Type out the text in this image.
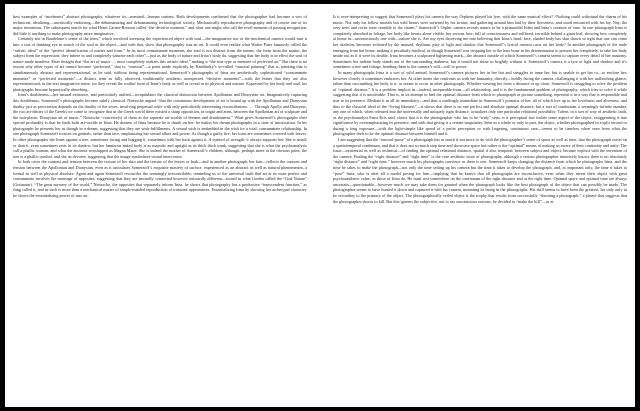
best examples of “modernist” abstract photography, whatever its—nominal—human content. Both developments confirmed that the photographer had become a sort of technocrat, idealizing—uncritically endorsing—the dehumanizing and dehumanizing technological society. Mechanically reproductive photography and of course one of its major inventions. The subsequent search for what Henri Cartier-Bresson called “the decisive moment,” and what one might also call the revel moment of passing recognition, did little if anything to make photography more imaginative.

Certainly not in Baudelaire’s sense of the term,” which involved investing the experienced object with soul—the imaginative use of the mechanical camera would turn it into a sort of thinking eye in search of the soul in the object—and with that, show that photography was an art. It could even realize what Walter Pater famously called the “artistic ideal” of the “perfect identification of matter and form.” In its most consummate moments, the soul is not distinct from the means, the form from the matter, the subject from the expression; they inhere in and completely saturate each other”—just as the body of nature and Irina’s body do, suggesting that her body is in effect the soul of nature made manifest. Pater thought that “the art of music … most completely realizes this artistic ideal,” making it “the true type or measure of perfected art.” But there is no reason why other types of art cannot become “perfected,” that is, “musical”—a point made explicitly by Kandinsky’s so-called “musical painting” that is, painting that is simultaneously abstract and representational, as he said, without being representational. Somerzoff’s photographs of Irina are aesthetically sophisticated “consummate moments” or “perfected moments”—a distinct term as fully observed, traditionally aesthetic, unexpected “decisive moments”—with the bones that they are also representational, in the text imaginative sense, for they reveal the soulful form of Irina’s body as well as reveal in its physical and mature. Expressed by her body and soul, his photographs become hypnotically absorbing.

Irina’s doubleness—her natural existence, and particularly unified—recapitulates the classical distinction between Apollonian and Dionysian art. Imaginatively capturing this doubleness, Somerzoff’s photographs become subtly classical. Nietzsche argued “that the continuous development of art is bound up with the Apollonian and Dionysian duality just as procreation depends on the duality of the sexes, involving perpetual strife with only periodically intervening reconciliations. … Through Apollo and Dionysus, the two art-deities of the Greeks we come to recognize that in the Greek world there existed a sharp opposition, in origin and aims, between the Apollonian art of sculpture and the non-plastic Dionysian art of music.” Nietzsche “conceive[s] of them as the separate art-worlds of dreams and drunkenness.” What gives Somerzoff’s photographs their special profundity is that he finds both art-worlds in Irina. He dreams of Irina because he is drunk on her: he makes his dream photographs in a state of intoxication. In his photographs he presents her as though in a dream, suggesting that they are wish-fulfillments. A sexual wish is embedded in the wish for a total, consummate relationship. In one photograph Somerzoff focuses on genitals, rather than face, emphasizing her sexual allure and power. As though a guilty fire, her loins are sometimes covered with leaves. In other photographs she leans against a tree, sometimes facing and hugging it, sometimes with her back against it. A symbol of strength, it always supports her. She is small; or than it, even sometimes rests in its shadow, but her luminous naked body is as majestic and upright as its thick thick trunk, suggesting that she is what the psychoanalysts call a phallic woman, and what the ancients worshipped as Magna Mater. She is indeed the mother of Somerzoff’s children, although, perhaps more to the obvious point, the tree is a phallic symbol, and she its devotee, suggesting that the image symbolizes sexual intercourse.

In both cases the contrast and tension between the texture of her skin and the texture of the leaves or bark—and in another photograph, her hair—reflects the contrast and tension between the Apollonian and Dionysian, even as it articulates Somerzoff’s exquisite mastery of surface, experienced as an abstract as well as natural phenomenon, a formal as well as physical absolute. Again and again Somerzoff reconciles the seemingly irreconcilable, reminding us of the universal truth that art at its most perfect and consummate involves the marriage of opposites, suggesting that they are inwardly connected however outwardly different—rooted in what Goethe called the “God Nature” (Gottnatur). “The great mystery of the world,” Nietzsche, the opposites that separately inform Irina, he shows that photography has a productive “transcendent function,” as Jung called it, and as such is more than a mechanical matter of simple-minded reproduction of transient appearances. Essentializing Irina by showing her archetypal character, he shows the essentializing power of true art.

Is it over-interpreting to suggest that Somerzoff plays his camera the way Orpheus played his lyre, with the same musical effect? “Nothing could withstand the charm of his music. Not only his fellow mortals but wild beasts were softened by his strains, and gathering around him laid by their fierceness, and stood entranced with his lay. Nay, the very trees and rocks were sensible to the charm.” Somerzoff’s Orphic camera reveals nature to be a primordial Eden and Irina’s creature of ease. In one photograph Irina is completely absorbed in foliage, her body like beasts alone visible, her serious face, full of consciousness and selfhood, invisible behind a giant leaf, showing how completely at home in—unconsciously one with—nature she is. Are my eyes deceiving me into believing that Irina’s head, face, shaded body has skin drawn so tight that one can come her skeleton, becomes softened by the massed, rhythmic play of light and shadow that Somerzoff’s lyrical camera casts on her body? In another photograph of the nude emerging from her home, making it peculiarly medical, as though Somerzoff was stripping her to the bare bone in his determination to possess her completely, to take her body inside out as if it were its double. Irina becomes a sculptured lightening mark—the abstract outside of which Somerzoff’s camera seems to capture every detail of her anatomy. Sometimes her radiant body stands out of the surrounding darkness, but it would not shine so brightly without it. Somerzoff’s camera is a lyre of light and shadow and it’s sometimes a tree and foliage, bending them to the camera’s will—will to power.

In many photographs Irina is a sort of wild animal. Somerzoff’s camera pictures her in her lair and struggles to tame her, but is unable to get her to—to enclose her, however closely it sometimes embraces her. At other times she confronts us with her humanity, directly—boldly facing the camera, challenging it with her unflinching glance, rather than succumbing her body to it, as seems to occur in other photographs. Whether viewing her from a distance or up close, Somerzoff is struggling to solve the problem of “optimal distance.” It is a problem implicit in—indeed, inseparable from—all relationship, and it is the fundamental problem of photography, which tries to solve it while suggesting that it is unsolvable. That is, in its attempt to find the optimal distance from which to photograph or picture something, represent it in a way that is responsible and true to its presence. Mediate it in all its immediacy—and thus a startlingly immediate in Somerzoff’s portraits of her, all of which live up to her loveliness and aliveness, and thus to the classical ideal of the “living likeness”—it shows that there is no one perfect and absolute optimal distance, but a sort of continuum, a seemingly infinite number, any one of which, when released into the universally and uniquely right distance, actualizes only one particular relational possibility. Talese, in a sort of way of aesthetic faith, as the psychoanalyst Ernst Kris said, shows that it is the photographer who has to be “truly” seen, is it perceptual fact isolate some aspect of the object, exaggerating it into significance by overemphasizing its presence, and with that giving it a certain singularity. Seen as a whole or only in part, the object, whether photographed in a split second or during a long exposure—with the light-simple like speed of a petite perception or with lingering, continuous care—seems to be timeless when seen from what the photographer feels to be the optimal distance between himself and it.

I am suggesting that the “ontroul-prose” of a photograph has as much if not more to do with the photographer’s sense of space as well as time, that the photograph exists on a spatiotemporal continuum, and that it does not so much stop time and showcase space but rather is the “optimal” means of making us aware of their continuity and unity. The issue—existential as well as technical—of finding the optimal relational distance, spatial if also temporal, between subject and object, became explicit with the invention of the camera. Finding the “right distance” and “right time” is the core aesthetic issue of photography, although a serious photographer intuitively knows there is no absolutely “right distance” and “right time,” however much his photographs convince us there is one. Somerzoff keeps changing the distance from which he photographs Irina, and the time he takes to make the photograph—not only the time setting up his camera but the time it takes to develop the photograph, and, as important only, the time it takes to “pose” Irina, who is after all a model posing for him—implying that he knows that all photographs are inconclusive, even when they invest their object with great psychoaesthetic value, as those of Irina do. He must rest somewhere on the continuum of the right distance and at the right time. Optimal space and optimal time are always uncertain—questionable—however much we may take them for granted when the photograph looks like the best photograph of the object that can possibly be made. The photographer seems to have hunted it down and captured it with his camera, mounting its being in the photographs. His skill seems to have been the greatest, his only only to be secondary to the primacy of the object. The photographically veiled object is the trophy that results from successfully “shooting a photograph,” a phrase that suggests that the photographer shoots to kill. But this ignores the subjective, not to say unconscious reasons, he decided to “make the kill”—or at
